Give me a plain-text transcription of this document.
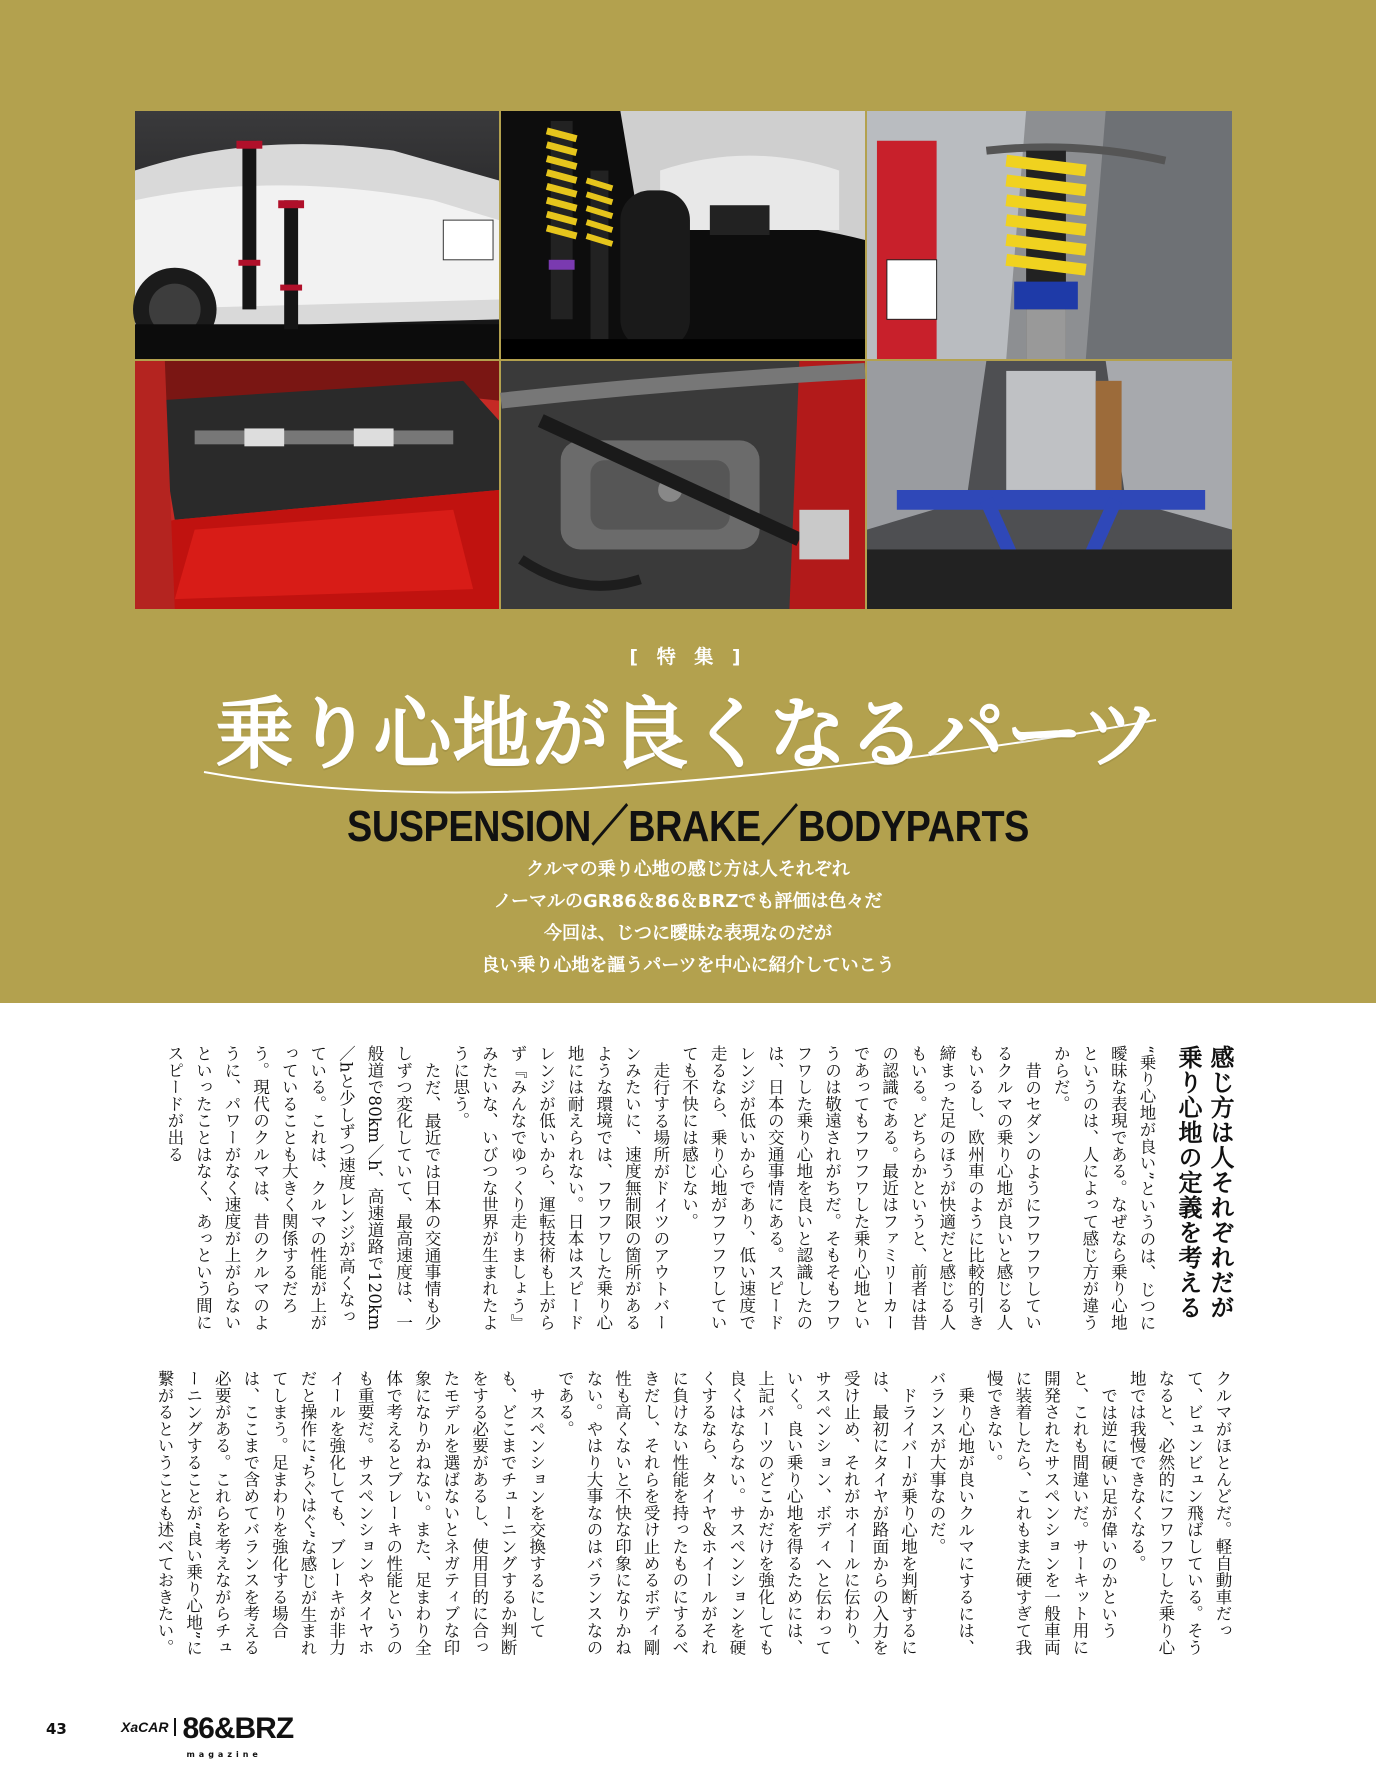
[ 特 集 ]
乗り心地が良くなるパーツ
SUSPENSION／BRAKE／BODYPARTS
クルマの乗り心地の感じ方は人それぞれ
ノーマルのGR86＆86＆BRZでも評価は色々だ
今回は、じつに曖昧な表現なのだが
良い乗り心地を謳うパーツを中心に紹介していこう
感じ方は人それぞれだが
乗り心地の定義を考える

“乗り心地が良い”というのは、じつに曖昧な表現である。なぜなら乗り心地というのは、人によって感じ方が違うからだ。

昔のセダンのようにフワフワしているクルマの乗り心地が良いと感じる人もいるし、欧州車のように比較的引き締まった足のほうが快適だと感じる人もいる。どちらかというと、前者は昔の認識である。最近はファミリーカーであってもフワフワした乗り心地というのは敬遠されがちだ。そもそもフワフワした乗り心地を良いと認識したのは、日本の交通事情にある。スピードレンジが低いからであり、低い速度で走るなら、乗り心地がフワフワしていても不快には感じない。

走行する場所がドイツのアウトバーンみたいに、速度無制限の箇所があるような環境では、フワフワした乗り心地には耐えられない。日本はスピードレンジが低いから、運転技術も上がらず『みんなでゆっくり走りましょう』みたいな、いびつな世界が生まれたように思う。

ただ、最近では日本の交通事情も少しずつ変化していて、最高速度は、一般道で80km／h、高速道路で120km／hと少しずつ速度レンジが高くなっている。これは、クルマの性能が上がっていることも大きく関係するだろう。現代のクルマは、昔のクルマのように、パワーがなく速度が上がらないといったことはなく、あっという間にスピードが出る

クルマがほとんどだ。軽自動車だって、ビュンビュン飛ばしている。そうなると、必然的にフワフワした乗り心地では我慢できなくなる。

では逆に硬い足が偉いのかというと、これも間違いだ。サーキット用に開発されたサスペンションを一般車両に装着したら、これもまた硬すぎて我慢できない。

乗り心地が良いクルマにするには、バランスが大事なのだ。

ドライバーが乗り心地を判断するには、最初にタイヤが路面からの入力を受け止め、それがホイールに伝わり、サスペンション、ボディへと伝わっていく。良い乗り心地を得るためには、上記パーツのどこかだけを強化しても良くはならない。サスペンションを硬くするなら、タイヤ＆ホイールがそれに負けない性能を持ったものにするべきだし、それらを受け止めるボディ剛性も高くないと不快な印象になりかねない。やはり大事なのはバランスなのである。

サスペンションを交換するにしても、どこまでチューニングするか判断をする必要があるし、使用目的に合ったモデルを選ばないとネガティブな印象になりかねない。また、足まわり全体で考えるとブレーキの性能というのも重要だ。サスペンションやタイヤホイールを強化しても、ブレーキが非力だと操作に“ちぐはぐ”な感じが生まれてしまう。足まわりを強化する場合は、ここまで含めてバランスを考える必要がある。これらを考えながらチューニングすることが“良い乗り心地”に繋がるということも述べておきたい。

43	XaCAR 86&BRZ
magazine
